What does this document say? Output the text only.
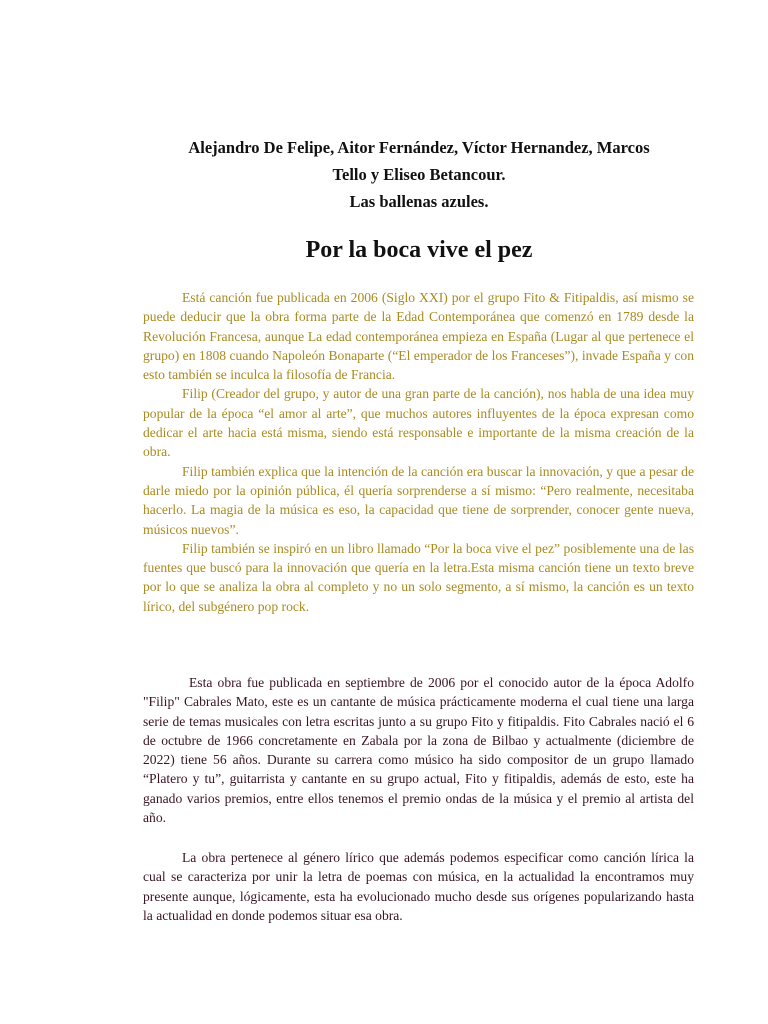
Alejandro De Felipe, Aitor Fernández, Víctor Hernandez, Marcos
Tello y Eliseo Betancour.
Las ballenas azules.
Por la boca vive el pez

Está canción fue publicada en 2006 (Siglo XXI) por el grupo Fito & Fitipaldis, así mismo se puede deducir que la obra forma parte de la Edad Contemporánea que comenzó en 1789 desde la Revolución Francesa, aunque La edad contemporánea empieza en España (Lugar al que pertenece el grupo) en 1808 cuando Napoleón Bonaparte (“El emperador de los Franceses”), invade España y con esto también se inculca la filosofía de Francia.

Filip (Creador del grupo, y autor de una gran parte de la canción), nos habla de una idea muy popular de la época “el amor al arte”, que muchos autores influyentes de la época expresan como dedicar el arte hacia está misma, siendo está responsable e importante de la misma creación de la obra.

Filip también explica que la intención de la canción era buscar la innovación, y que a pesar de darle miedo por la opinión pública, él quería sorprenderse a sí mismo: “Pero realmente, necesitaba hacerlo. La magia de la música es eso, la capacidad que tiene de sorprender, conocer gente nueva, músicos nuevos”.

Filip también se inspiró en un libro llamado “Por la boca vive el pez” posiblemente una de las fuentes que buscó para la innovación que quería en la letra.Esta misma canción tiene un texto breve por lo que se analiza la obra al completo y no un solo segmento, a sí mismo, la canción es un texto lírico, del subgénero pop rock.

Esta obra fue publicada en septiembre de 2006 por el conocido autor de la época Adolfo "Filip" Cabrales Mato, este es un cantante de música prácticamente moderna el cual tiene una larga serie de temas musicales con letra escritas junto a su grupo Fito y fitipaldis. Fito Cabrales nació el 6 de octubre de 1966 concretamente en Zabala por la zona de Bilbao y actualmente (diciembre de 2022) tiene 56 años. Durante su carrera como músico ha sido compositor de un grupo llamado “Platero y tu”, guitarrista y cantante en su grupo actual, Fito y fitipaldis, además de esto, este ha ganado varios premios, entre ellos tenemos el premio ondas de la música y el premio al artista del año.

La obra pertenece al género lírico que además podemos especificar como canción lírica la cual se caracteriza por unir la letra de poemas con música, en la actualidad la encontramos muy presente aunque, lógicamente, esta ha evolucionado mucho desde sus orígenes popularizando hasta la actualidad en donde podemos situar esa obra.
